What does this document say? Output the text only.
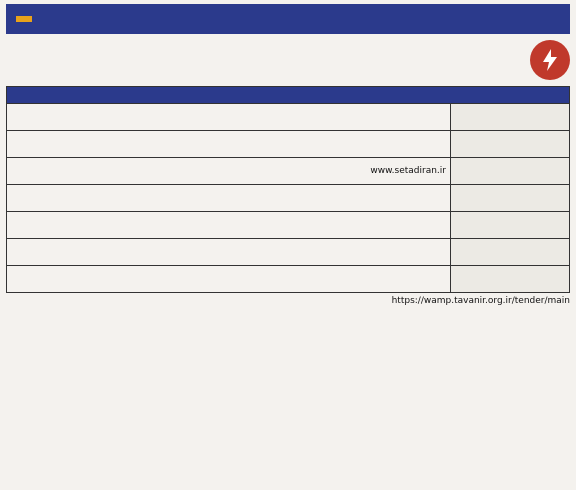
	www.setadiran.ir

https://wamp.tavanir.org.ir/tender/main
